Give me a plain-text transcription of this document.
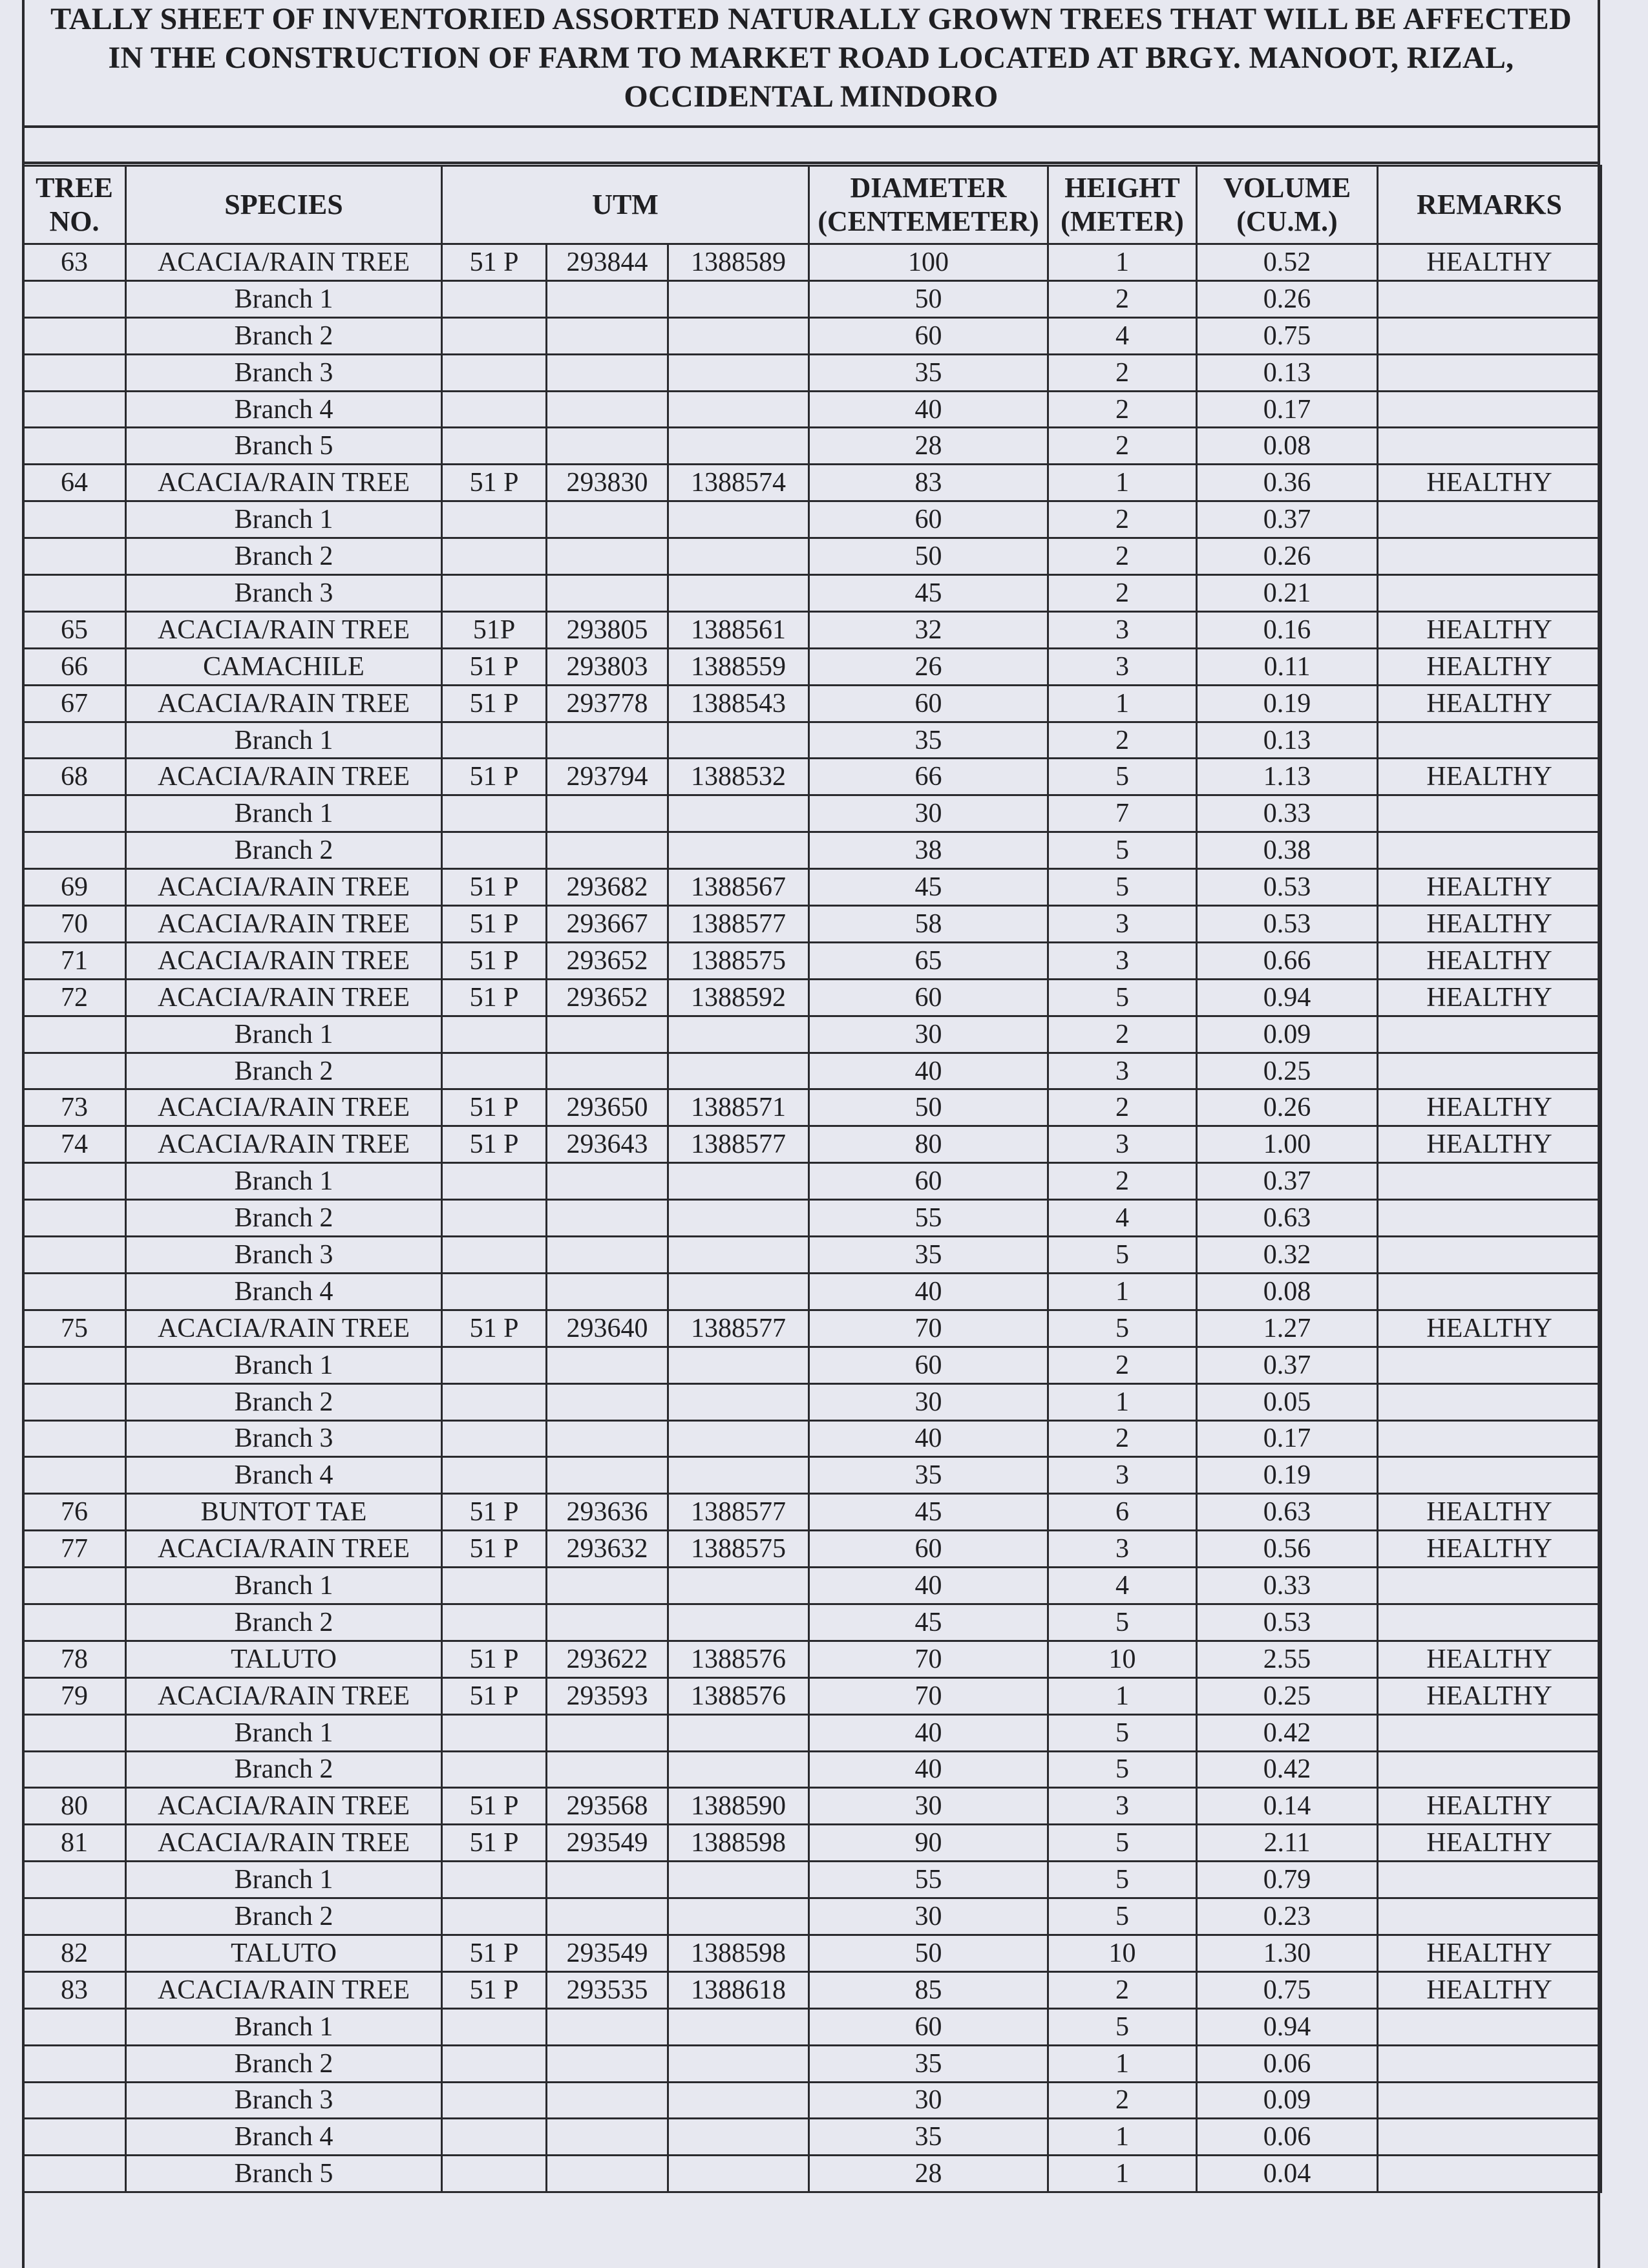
TALLY SHEET OF INVENTORIED ASSORTED NATURALLY GROWN TREES THAT WILL BE AFFECTED IN THE CONSTRUCTION OF FARM TO MARKET ROAD LOCATED AT BRGY. MANOOT, RIZAL, OCCIDENTAL MINDORO
TREE NO.	SPECIES	UTM			DIAMETER (CENTEMETER)	HEIGHT (METER)	VOLUME (CU.M.)	REMARKS
63	ACACIA/RAIN TREE	51 P	293844	1388589	100	1	0.52	HEALTHY
	Branch 1				50	2	0.26	
	Branch 2				60	4	0.75	
	Branch 3				35	2	0.13	
	Branch 4				40	2	0.17	
	Branch 5				28	2	0.08	
64	ACACIA/RAIN TREE	51 P	293830	1388574	83	1	0.36	HEALTHY
	Branch 1				60	2	0.37	
	Branch 2				50	2	0.26	
	Branch 3				45	2	0.21	
65	ACACIA/RAIN TREE	51P	293805	1388561	32	3	0.16	HEALTHY
66	CAMACHILE	51 P	293803	1388559	26	3	0.11	HEALTHY
67	ACACIA/RAIN TREE	51 P	293778	1388543	60	1	0.19	HEALTHY
	Branch 1				35	2	0.13	
68	ACACIA/RAIN TREE	51 P	293794	1388532	66	5	1.13	HEALTHY
	Branch 1				30	7	0.33	
	Branch 2				38	5	0.38	
69	ACACIA/RAIN TREE	51 P	293682	1388567	45	5	0.53	HEALTHY
70	ACACIA/RAIN TREE	51 P	293667	1388577	58	3	0.53	HEALTHY
71	ACACIA/RAIN TREE	51 P	293652	1388575	65	3	0.66	HEALTHY
72	ACACIA/RAIN TREE	51 P	293652	1388592	60	5	0.94	HEALTHY
	Branch 1				30	2	0.09	
	Branch 2				40	3	0.25	
73	ACACIA/RAIN TREE	51 P	293650	1388571	50	2	0.26	HEALTHY
74	ACACIA/RAIN TREE	51 P	293643	1388577	80	3	1.00	HEALTHY
	Branch 1				60	2	0.37	
	Branch 2				55	4	0.63	
	Branch 3				35	5	0.32	
	Branch 4				40	1	0.08	
75	ACACIA/RAIN TREE	51 P	293640	1388577	70	5	1.27	HEALTHY
	Branch 1				60	2	0.37	
	Branch 2				30	1	0.05	
	Branch 3				40	2	0.17	
	Branch 4				35	3	0.19	
76	BUNTOT TAE	51 P	293636	1388577	45	6	0.63	HEALTHY
77	ACACIA/RAIN TREE	51 P	293632	1388575	60	3	0.56	HEALTHY
	Branch 1				40	4	0.33	
	Branch 2				45	5	0.53	
78	TALUTO	51 P	293622	1388576	70	10	2.55	HEALTHY
79	ACACIA/RAIN TREE	51 P	293593	1388576	70	1	0.25	HEALTHY
	Branch 1				40	5	0.42	
	Branch 2				40	5	0.42	
80	ACACIA/RAIN TREE	51 P	293568	1388590	30	3	0.14	HEALTHY
81	ACACIA/RAIN TREE	51 P	293549	1388598	90	5	2.11	HEALTHY
	Branch 1				55	5	0.79	
	Branch 2				30	5	0.23	
82	TALUTO	51 P	293549	1388598	50	10	1.30	HEALTHY
83	ACACIA/RAIN TREE	51 P	293535	1388618	85	2	0.75	HEALTHY
	Branch 1				60	5	0.94	
	Branch 2				35	1	0.06	
	Branch 3				30	2	0.09	
	Branch 4				35	1	0.06	
	Branch 5				28	1	0.04	
